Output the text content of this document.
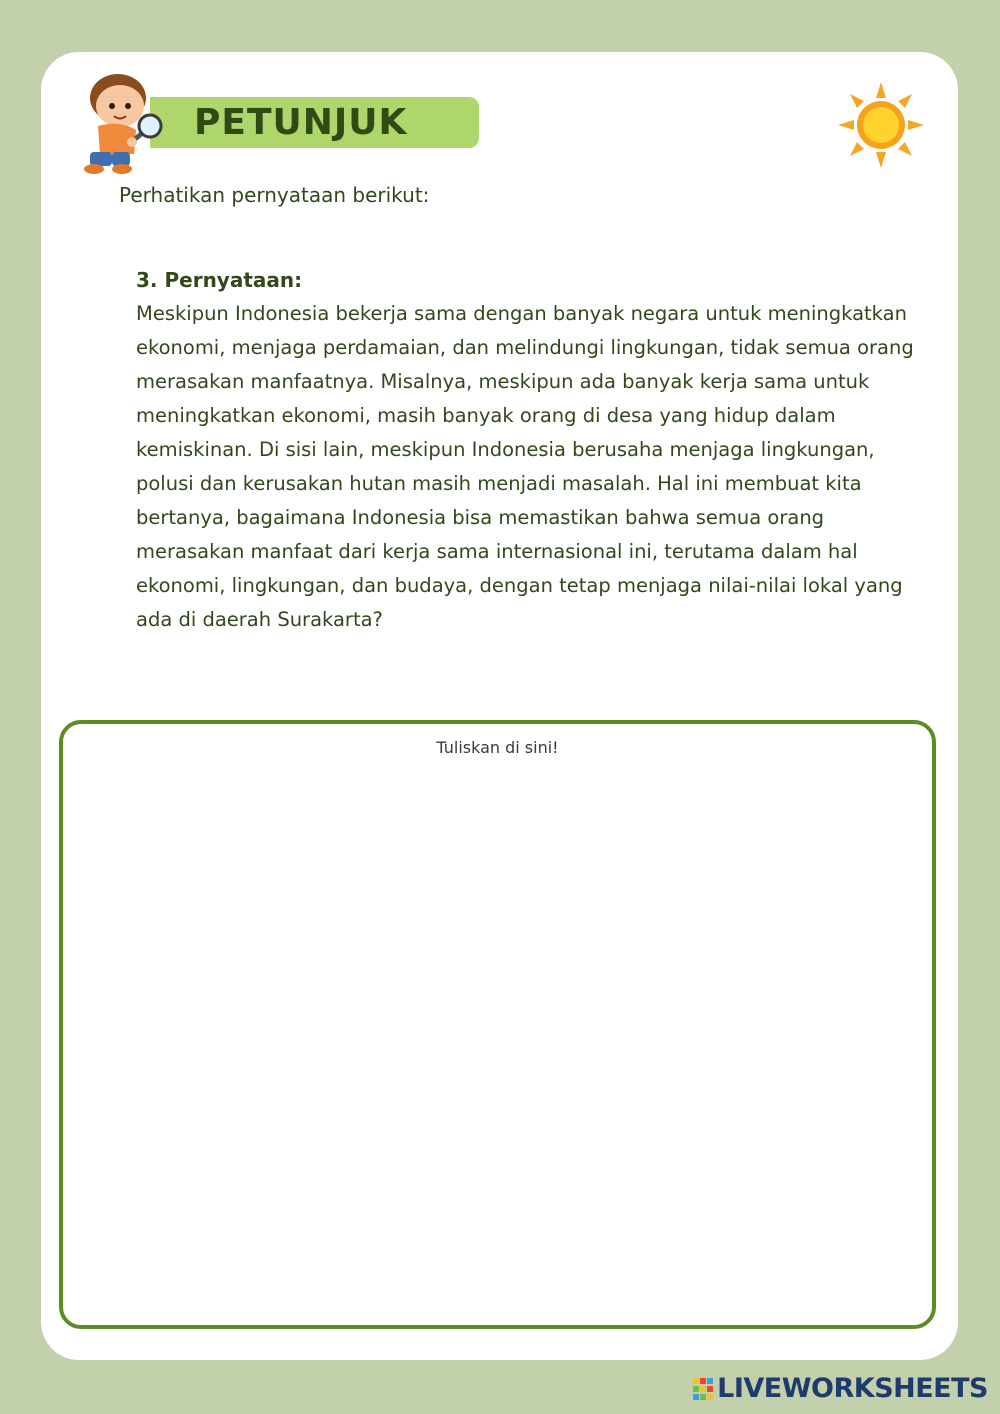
PETUNJUK

Perhatikan pernyataan berikut:

3. Pernyataan:

Meskipun Indonesia bekerja sama dengan banyak negara untuk meningkatkan ekonomi, menjaga perdamaian, dan melindungi lingkungan, tidak semua orang merasakan manfaatnya. Misalnya, meskipun ada banyak kerja sama untuk meningkatkan ekonomi, masih banyak orang di desa yang hidup dalam kemiskinan. Di sisi lain, meskipun Indonesia berusaha menjaga lingkungan, polusi dan kerusakan hutan masih menjadi masalah. Hal ini membuat kita bertanya, bagaimana Indonesia bisa memastikan bahwa semua orang merasakan manfaat dari kerja sama internasional ini, terutama dalam hal ekonomi, lingkungan, dan budaya, dengan tetap menjaga nilai-nilai lokal yang ada di daerah Surakarta?

Tuliskan di sini!
LIVEWORKSHEETS
